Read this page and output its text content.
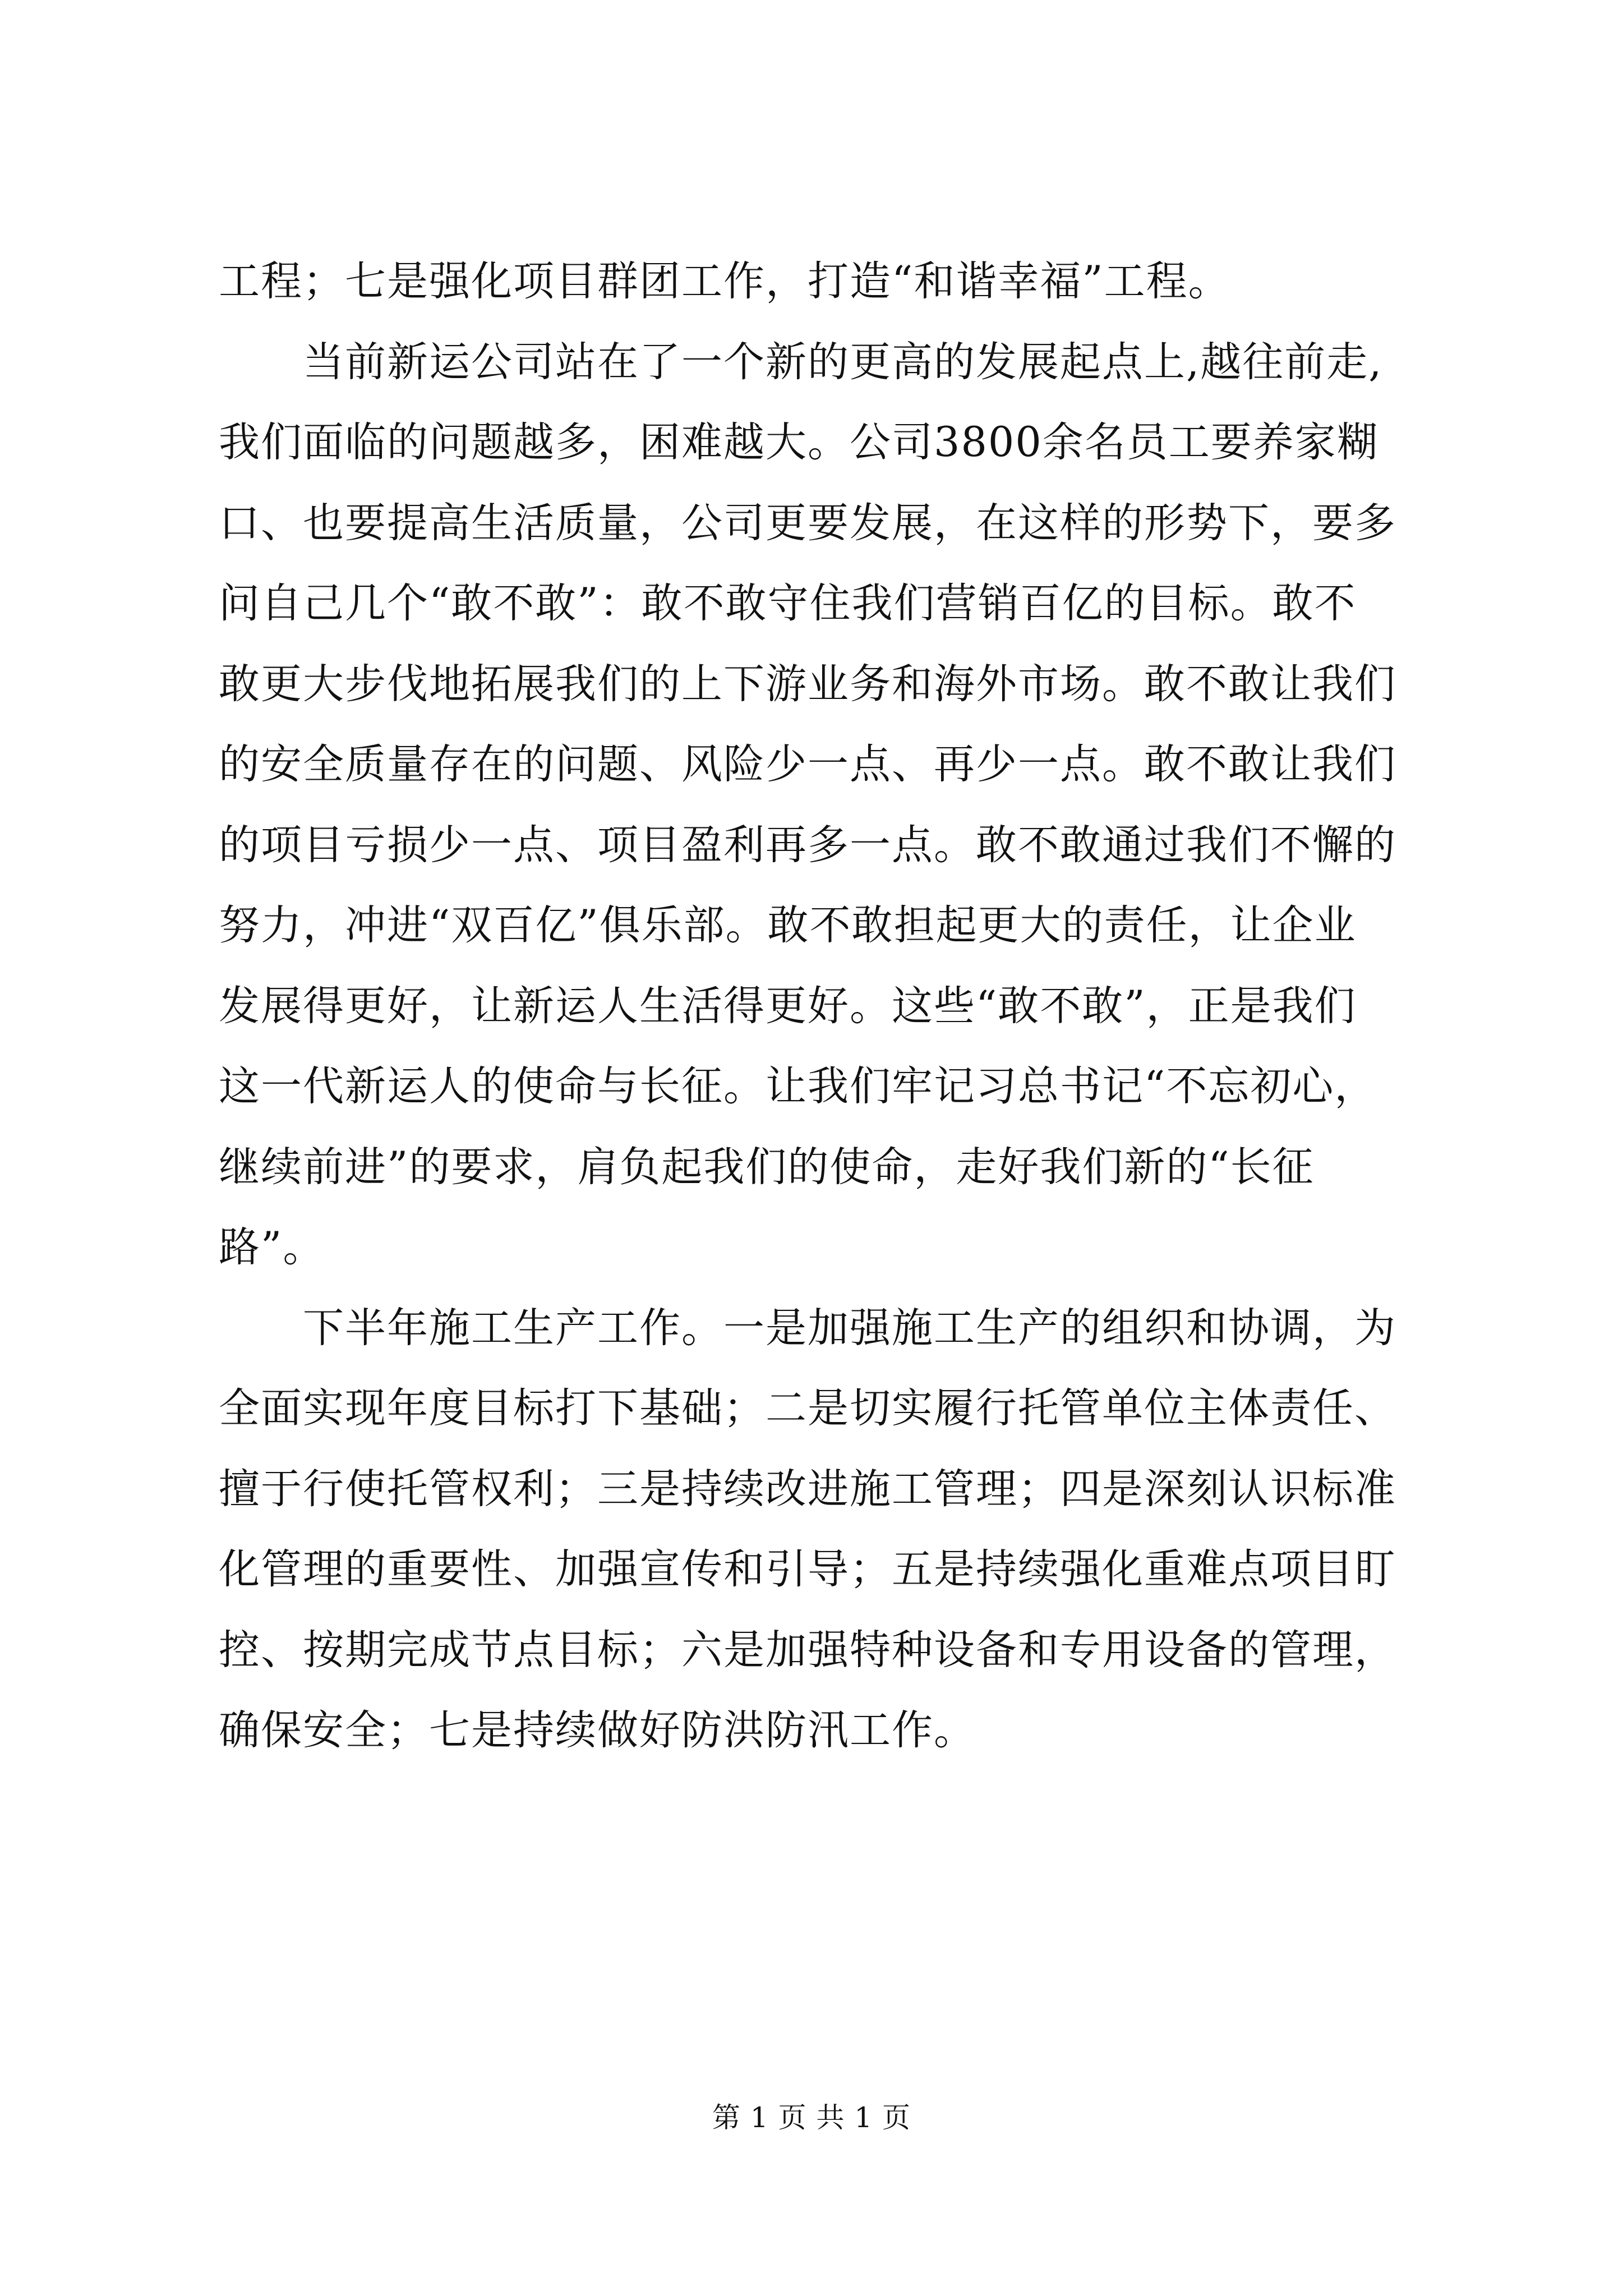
工程；七是强化项目群团工作，打造“和谐幸福”工程。
当前新运公司站在了一个新的更高的发展起点上,越往前走,
我们面临的问题越多，困难越大。公司3800余名员工要养家糊
口、也要提高生活质量，公司更要发展，在这样的形势下，要多
问自己几个“敢不敢”：敢不敢守住我们营销百亿的目标。敢不
敢更大步伐地拓展我们的上下游业务和海外市场。敢不敢让我们
的安全质量存在的问题、风险少一点、再少一点。敢不敢让我们
的项目亏损少一点、项目盈利再多一点。敢不敢通过我们不懈的
努力，冲进“双百亿”俱乐部。敢不敢担起更大的责任，让企业
发展得更好，让新运人生活得更好。这些“敢不敢”，正是我们
这一代新运人的使命与长征。让我们牢记习总书记“不忘初心，
继续前进”的要求，肩负起我们的使命，走好我们新的“长征
路”。
下半年施工生产工作。一是加强施工生产的组织和协调，为
全面实现年度目标打下基础；二是切实履行托管单位主体责任、
擅于行使托管权利；三是持续改进施工管理；四是深刻认识标准
化管理的重要性、加强宣传和引导；五是持续强化重难点项目盯
控、按期完成节点目标；六是加强特种设备和专用设备的管理，
确保安全；七是持续做好防洪防汛工作。
第 1 页 共 1 页
